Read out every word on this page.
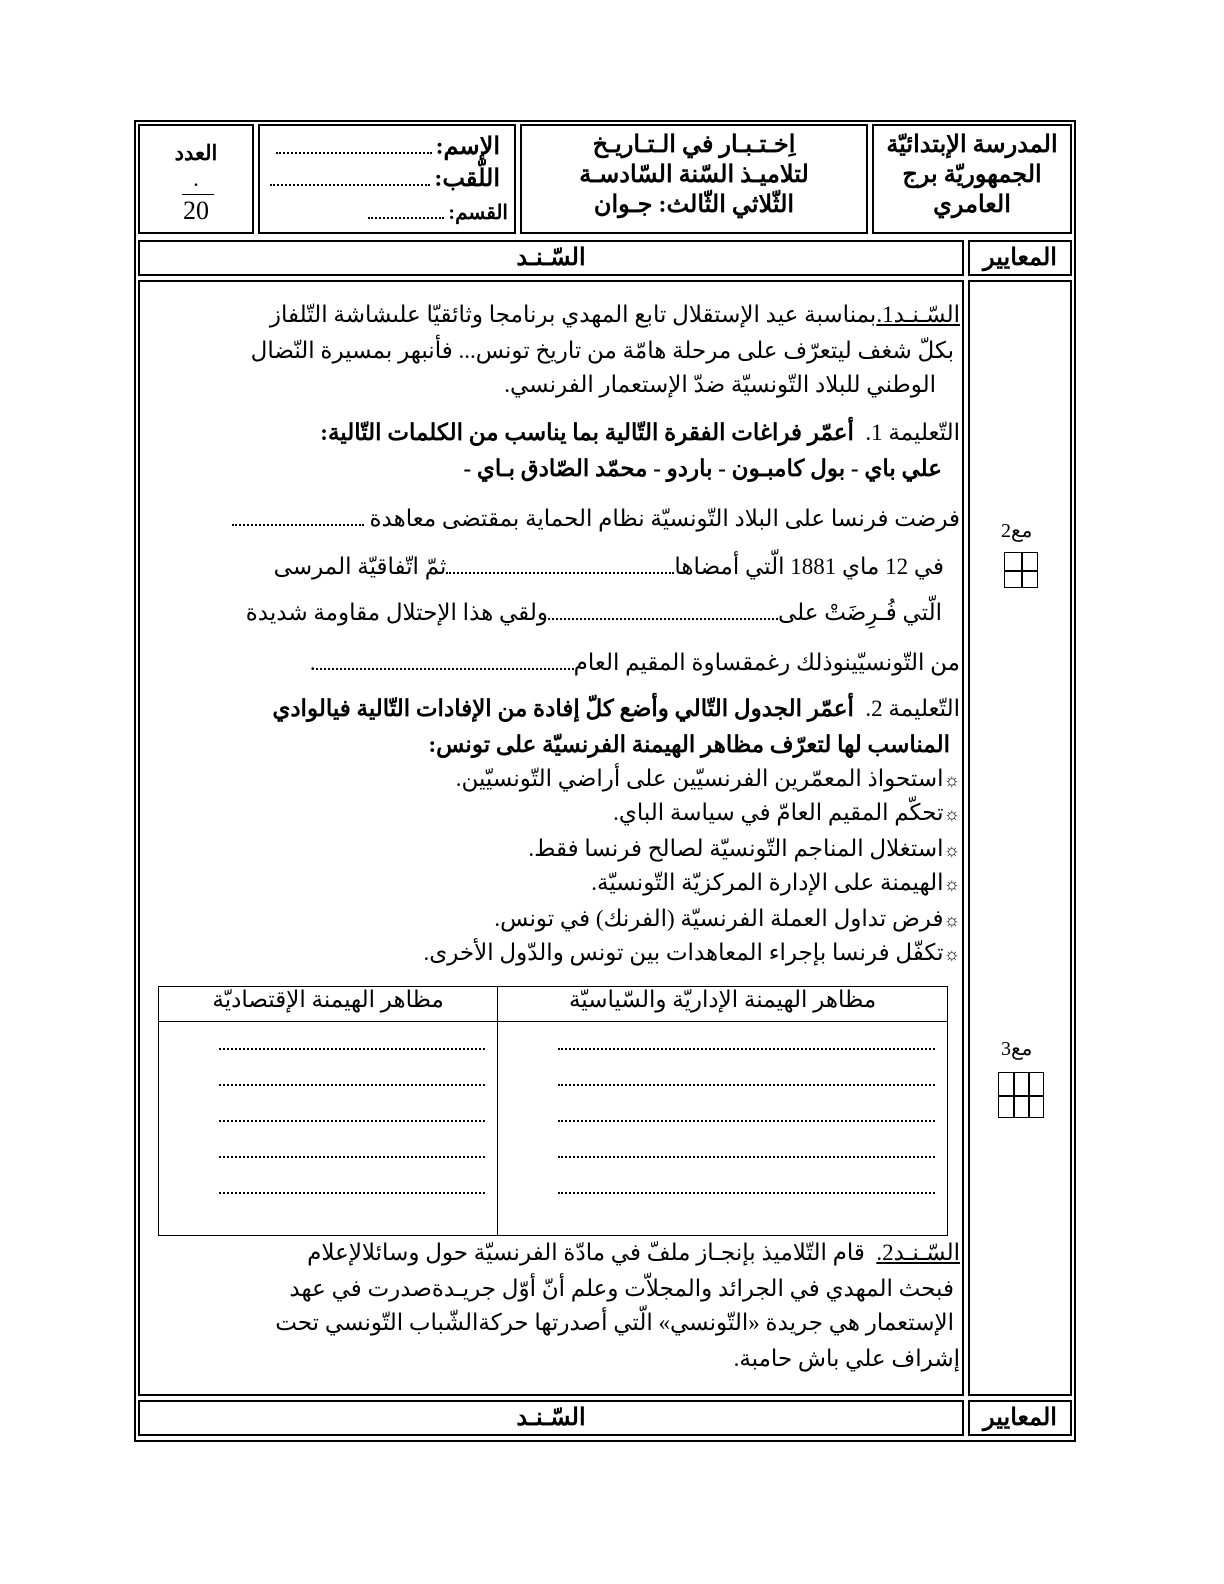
المدرسة الإبتدائيّة
الجمهوريّة برج
العامري
اِخـتـبـار في الـتـاريـخ
لتلاميـذ السّنة السّادسـة
الثّلاثي الثّالث: جـوان
الإسم:
اللّقب:
القسم:
العدد
.
20
المعايير
السّـنـد
مع2
مع3
السّـنـد1.بمناسبة عيد الإستقلال تابع المهدي برنامجا وثائقيّا علىشاشة التّلفاز
بكلّ شغف ليتعرّف على مرحلة هامّة من تاريخ تونس... فأنبهر بمسيرة النّضال
الوطني للبلاد التّونسيّة ضدّ الإستعمار الفرنسي.
التّعليمة 1.  أعمّر فراغات الفقرة التّالية بما يناسب من الكلمات التّالية:
علي باي - بول كامبـون - باردو - محمّد الصّادق بـاي -
فرضت فرنسا على البلاد التّونسيّة نظام الحماية بمقتضى معاهدة
في 12 ماي 1881 الّتي أمضاهاثمّ اتّفاقيّة المرسى
الّتي فُـرِضَتْ علىولقي هذا الإحتلال مقاومة شديدة
من التّونسيّينوذلك رغمقساوة المقيم العام.
التّعليمة 2.  أعمّر الجدول التّالي وأضع كلّ إفادة من الإفادات التّالية فيالوادي
المناسب لها لتعرّف مظاهر الهيمنة الفرنسيّة على تونس:
☼استحواذ المعمّرين الفرنسيّين على أراضي التّونسيّين.
☼تحكّم المقيم العامّ في سياسة الباي.
☼استغلال المناجم التّونسيّة لصالح فرنسا فقط.
☼الهيمنة على الإدارة المركزيّة التّونسيّة.
☼فرض تداول العملة الفرنسيّة (الفرنك) في تونس.
☼تكفّل فرنسا بإجراء المعاهدات بين تونس والدّول الأخرى.
مظاهر الهيمنة الإداريّة والسّياسيّة	مظاهر الهيمنة الإقتصاديّة

السّـنـد2.  قام التّلاميذ بإنجـاز ملفّ في مادّة الفرنسيّة حول وسائلالإعلام
فبحث المهدي في الجرائد والمجلاّت وعلم أنّ أوّل جريـدةصدرت في عهد
الإستعمار هي جريدة «التّونسي» الّتي أصدرتها حركةالشّباب التّونسي تحت
إشراف علي باش حامبة.
المعايير
السّـنـد
